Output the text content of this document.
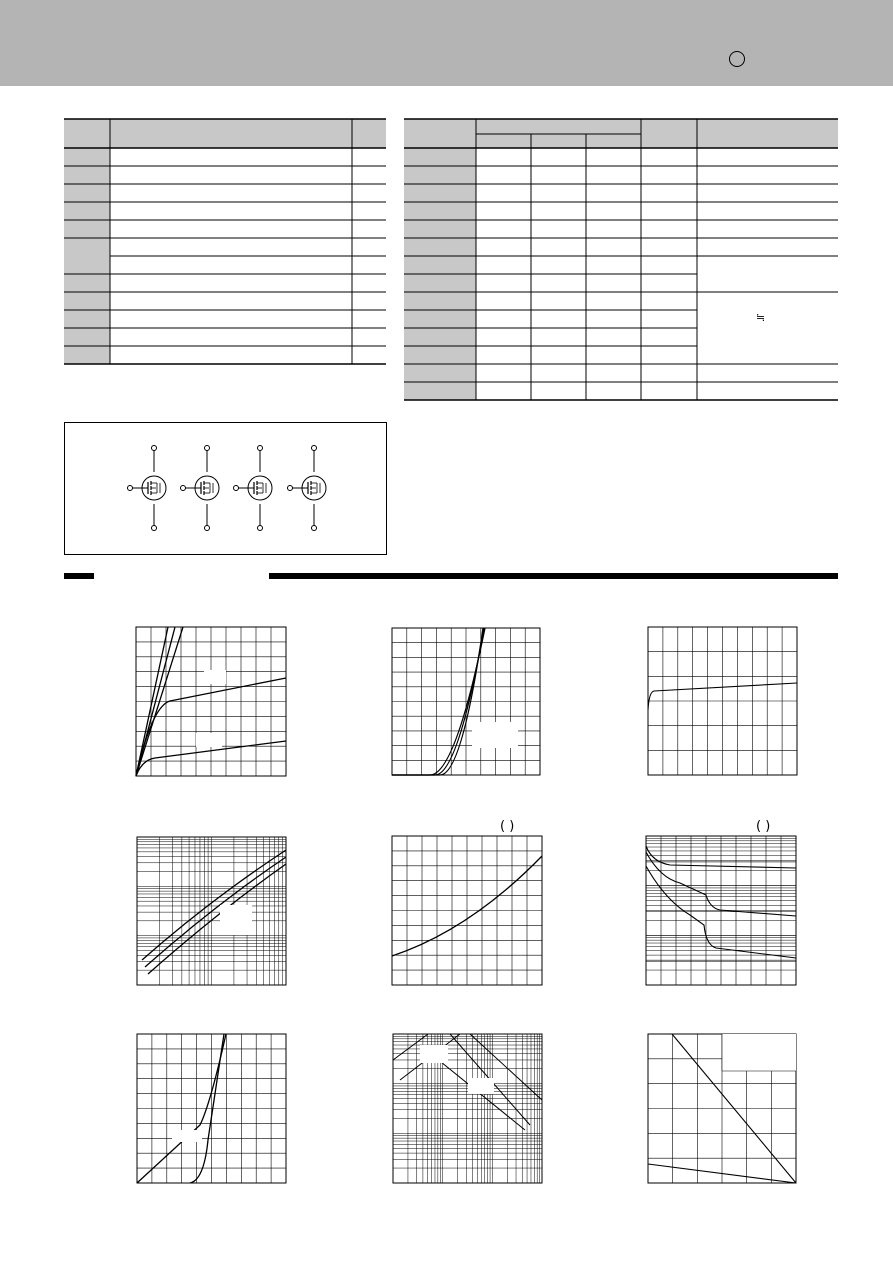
≒
( )	( )
